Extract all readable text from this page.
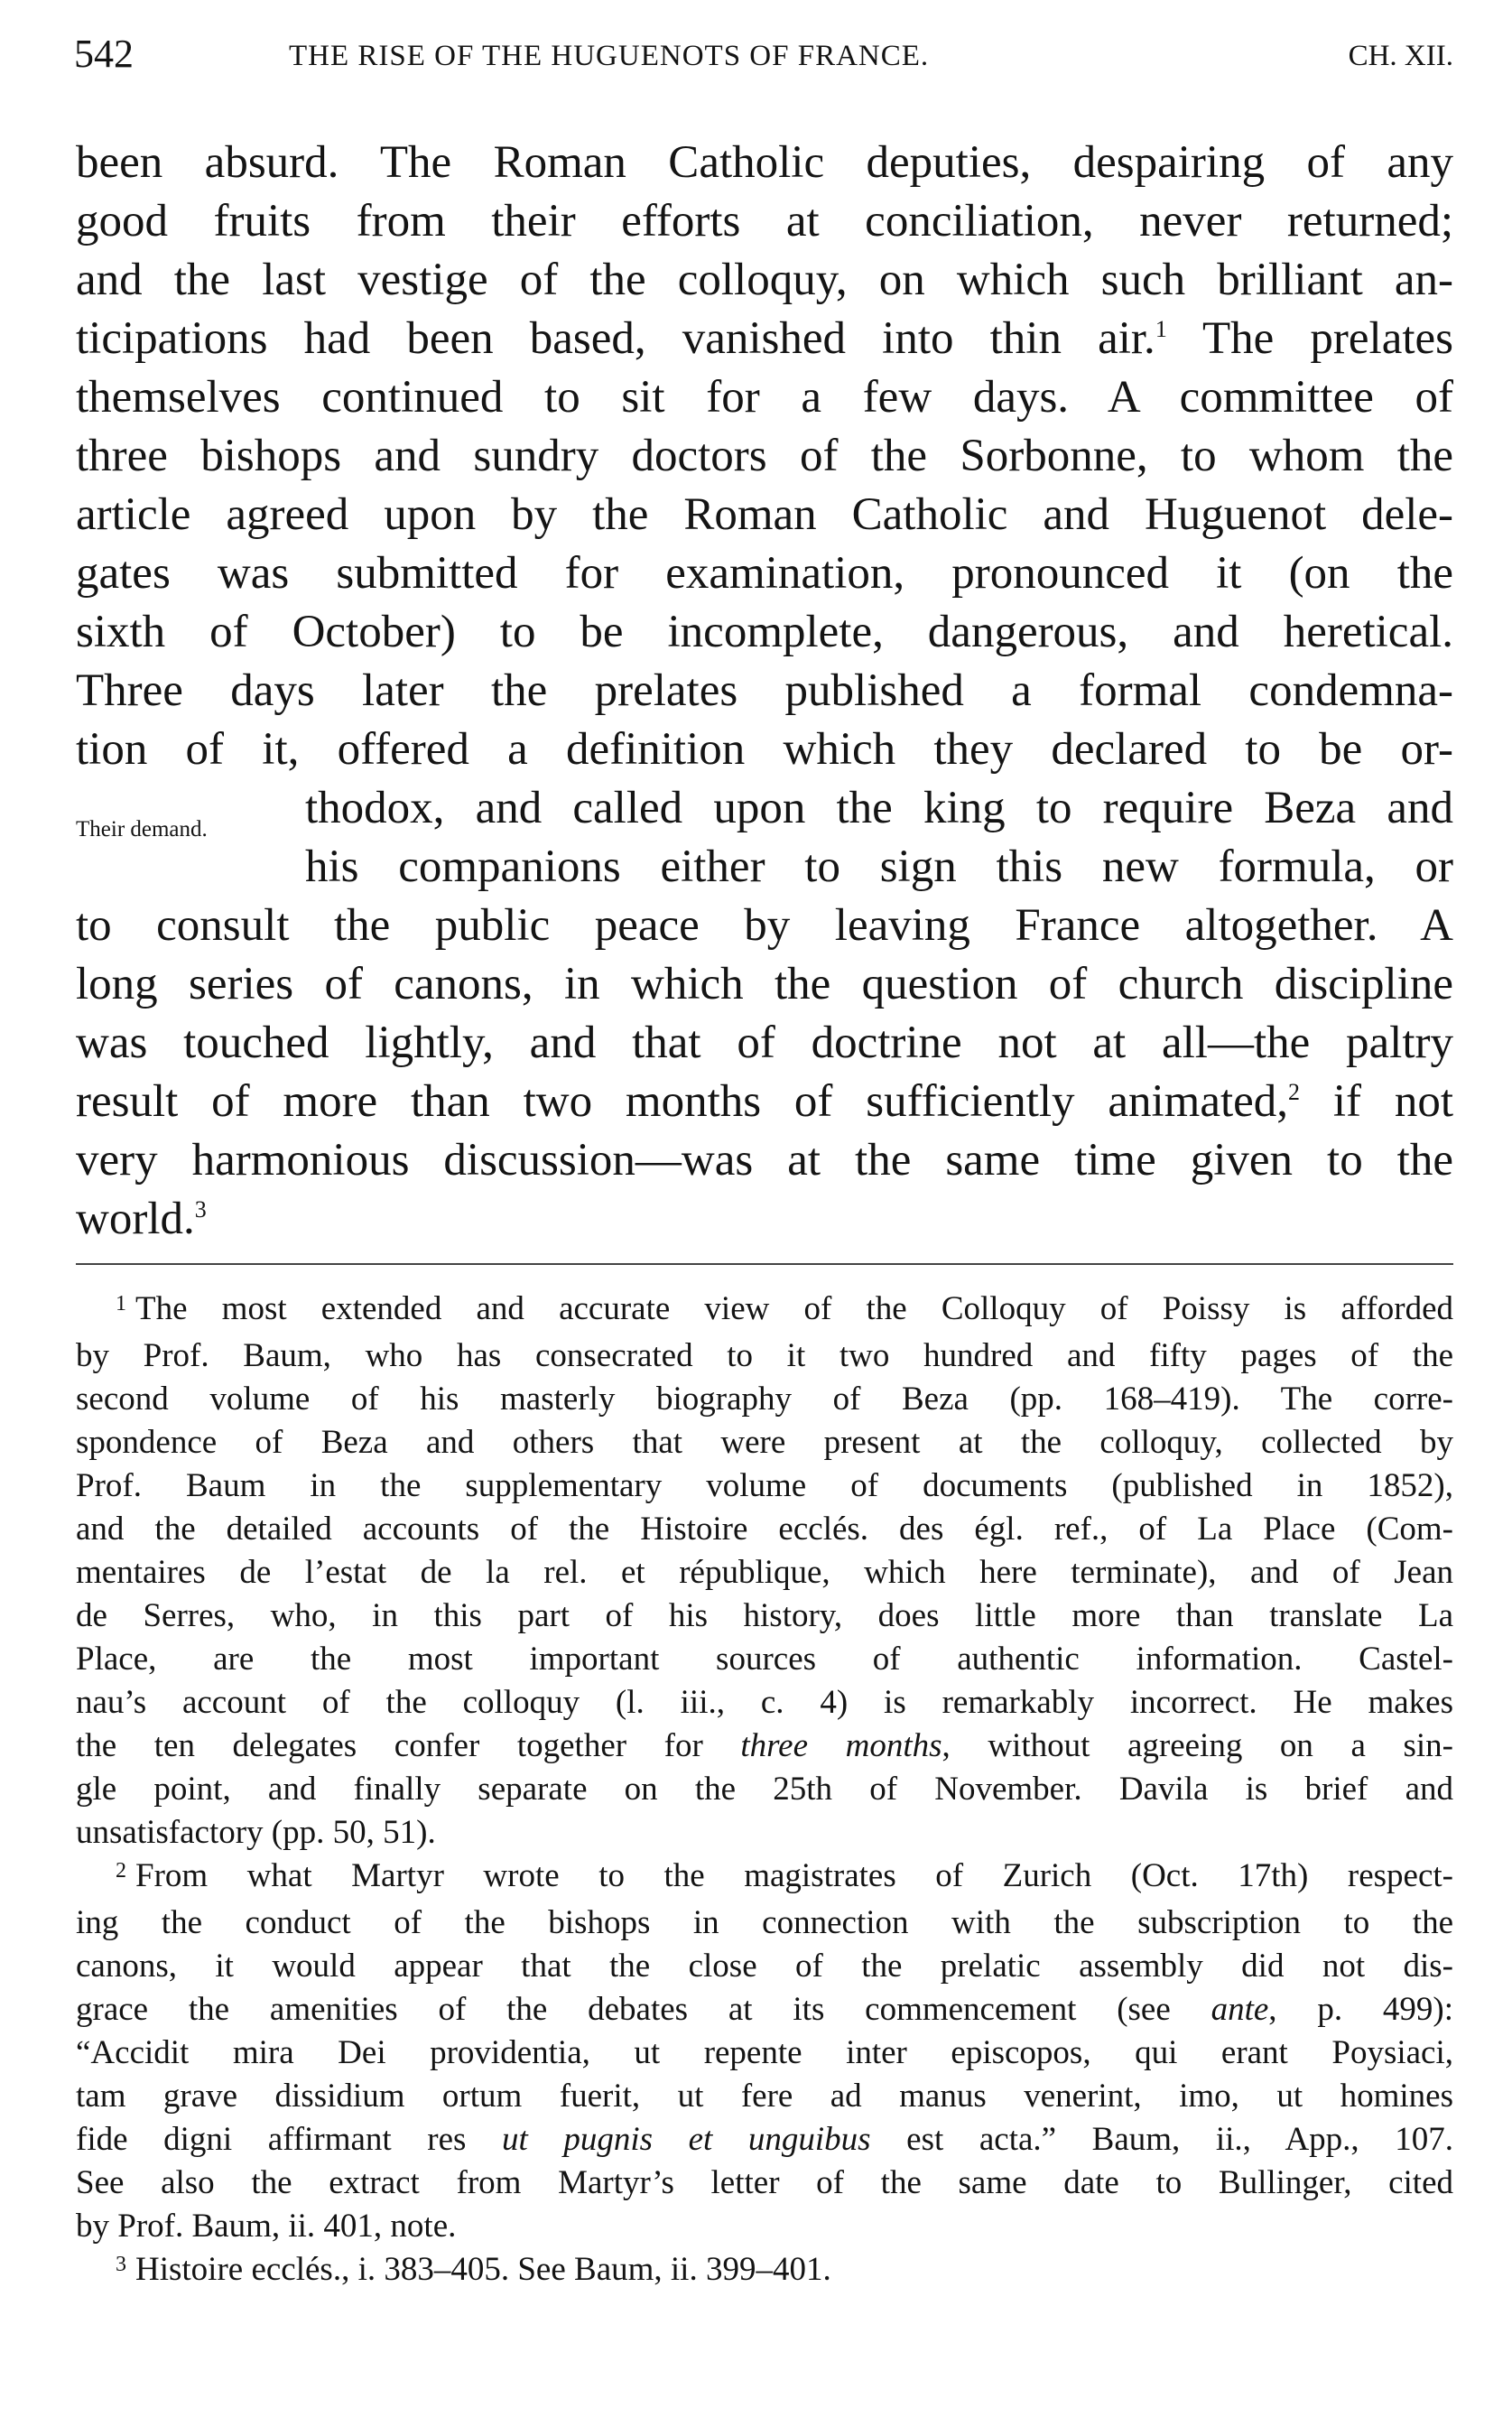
542	THE RISE OF THE HUGUENOTS OF FRANCE.	CH. XII.
Their demand.
been absurd. The Roman Catholic deputies, despairing of any
good fruits from their efforts at conciliation, never returned;
and the last vestige of the colloquy, on which such brilliant an-
ticipations had been based, vanished into thin air.$^1$ The prelates
themselves continued to sit for a few days. A committee of
three bishops and sundry doctors of the Sorbonne, to whom the
article agreed upon by the Roman Catholic and Huguenot dele-
gates was submitted for examination, pronounced it (on the
sixth of October) to be incomplete, dangerous, and heretical.
Three days later the prelates published a formal condemna-
tion of it, offered a definition which they declared to be or-
thodox, and called upon the king to require Beza and
his companions either to sign this new formula, or
to consult the public peace by leaving France altogether. A
long series of canons, in which the question of church discipline
was touched lightly, and that of doctrine not at all—the paltry
result of more than two months of sufficiently animated,$^2$ if not
very harmonious discussion—was at the same time given to the
world.$^3$
$^1$ The most extended and accurate view of the Colloquy of Poissy is afforded
by Prof. Baum, who has consecrated to it two hundred and fifty pages of the
second volume of his masterly biography of Beza (pp. 168–419). The corre-
spondence of Beza and others that were present at the colloquy, collected by
Prof. Baum in the supplementary volume of documents (published in 1852),
and the detailed accounts of the Histoire ecclés. des égl. ref., of La Place (Com-
mentaires de l’estat de la rel. et république, which here terminate), and of Jean
de Serres, who, in this part of his history, does little more than translate La
Place, are the most important sources of authentic information. Castel-
nau’s account of the colloquy (l. iii., c. 4) is remarkably incorrect. He makes
the ten delegates confer together for three months, without agreeing on a sin-
gle point, and finally separate on the 25th of November. Davila is brief and
unsatisfactory (pp. 50, 51).
$^2$ From what Martyr wrote to the magistrates of Zurich (Oct. 17th) respect-
ing the conduct of the bishops in connection with the subscription to the
canons, it would appear that the close of the prelatic assembly did not dis-
grace the amenities of the debates at its commencement (see ante, p. 499):
“Accidit mira Dei providentia, ut repente inter episcopos, qui erant Poysiaci,
tam grave dissidium ortum fuerit, ut fere ad manus venerint, imo, ut homines
fide digni affirmant res ut pugnis et unguibus est acta.” Baum, ii., App., 107.
See also the extract from Martyr’s letter of the same date to Bullinger, cited
by Prof. Baum, ii. 401, note.
$^3$ Histoire ecclés., i. 383–405. See Baum, ii. 399–401.
